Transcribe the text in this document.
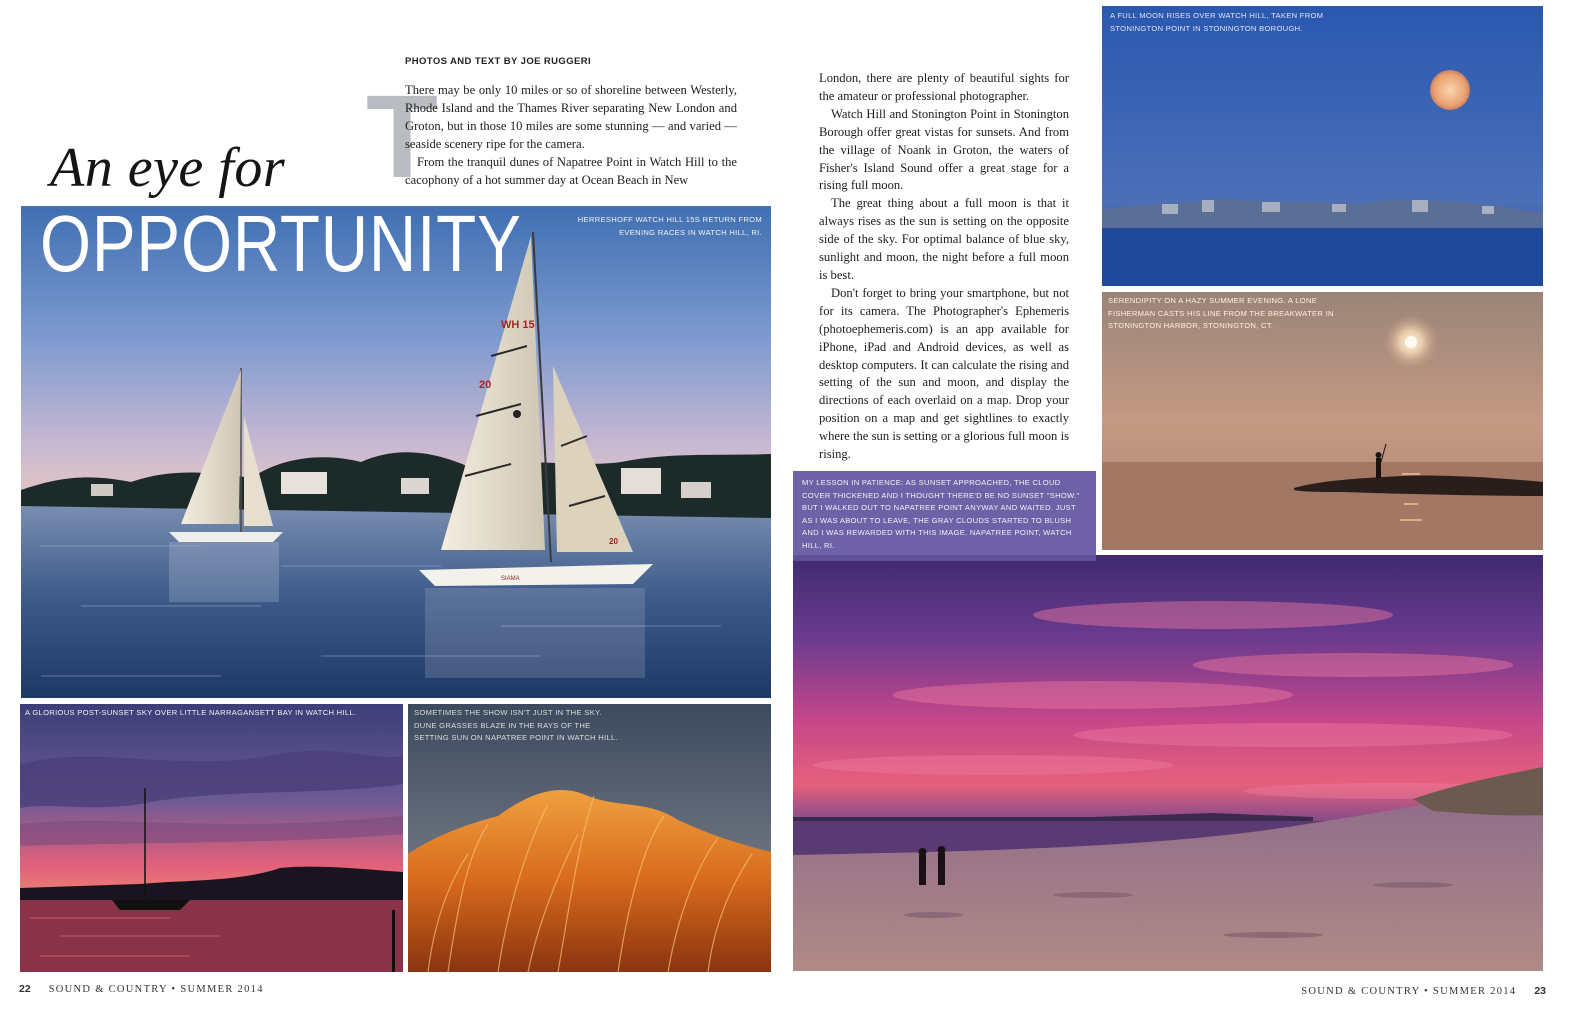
An eye for
WH 15
20
20
SIAMA
HERRESHOFF WATCH HILL 15S RETURN FROM EVENING RACES IN WATCH HILL, RI.
OPPORTUNITY
PHOTOS AND TEXT BY JOE RUGGERI
T

There may be only 10 miles or so of shoreline between Westerly, Rhode Island and the Thames River separating New London and Groton, but in those 10 miles are some stunning — and varied — seaside scenery ripe for the camera.

From the tranquil dunes of Napatree Point in Watch Hill to the cacophony of a hot summer day at Ocean Beach in New

London, there are plenty of beautiful sights for the amateur or professional photographer.

Watch Hill and Stonington Point in Stonington Borough offer great vistas for sunsets. And from the village of Noank in Groton, the waters of Fisher's Island Sound offer a great stage for a rising full moon.

The great thing about a full moon is that it always rises as the sun is setting on the opposite side of the sky. For optimal balance of blue sky, sunlight and moon, the night before a full moon is best.

Don't forget to bring your smartphone, but not for its camera. The Photographer's Ephemeris (photoephemeris.com) is an app available for iPhone, iPad and Android devices, as well as desktop computers. It can calculate the rising and setting of the sun and moon, and display the directions of each overlaid on a map. Drop your position on a map and get sightlines to exactly where the sun is setting or a glorious full moon is rising.

A GLORIOUS POST-SUNSET SKY OVER LITTLE NARRAGANSETT BAY IN WATCH HILL.	SOMETIMES THE SHOW ISN'T JUST IN THE SKY. DUNE GRASSES BLAZE IN THE RAYS OF THE SETTING SUN ON NAPATREE POINT IN WATCH HILL.
A FULL MOON RISES OVER WATCH HILL, TAKEN FROM STONINGTON POINT IN STONINGTON BOROUGH.
SERENDIPITY ON A HAZY SUMMER EVENING. A LONE FISHERMAN CASTS HIS LINE FROM THE BREAKWATER IN STONINGTON HARBOR, STONINGTON, CT.
MY LESSON IN PATIENCE: AS SUNSET APPROACHED, THE CLOUD COVER THICKENED AND I THOUGHT THERE'D BE NO SUNSET "SHOW." BUT I WALKED OUT TO NAPATREE POINT ANYWAY AND WAITED. JUST AS I WAS ABOUT TO LEAVE, THE GRAY CLOUDS STARTED TO BLUSH AND I WAS REWARDED WITH THIS IMAGE. NAPATREE POINT, WATCH HILL, RI.
22 SOUND & COUNTRY • SUMMER 2014	SOUND & COUNTRY • SUMMER 2014 23
